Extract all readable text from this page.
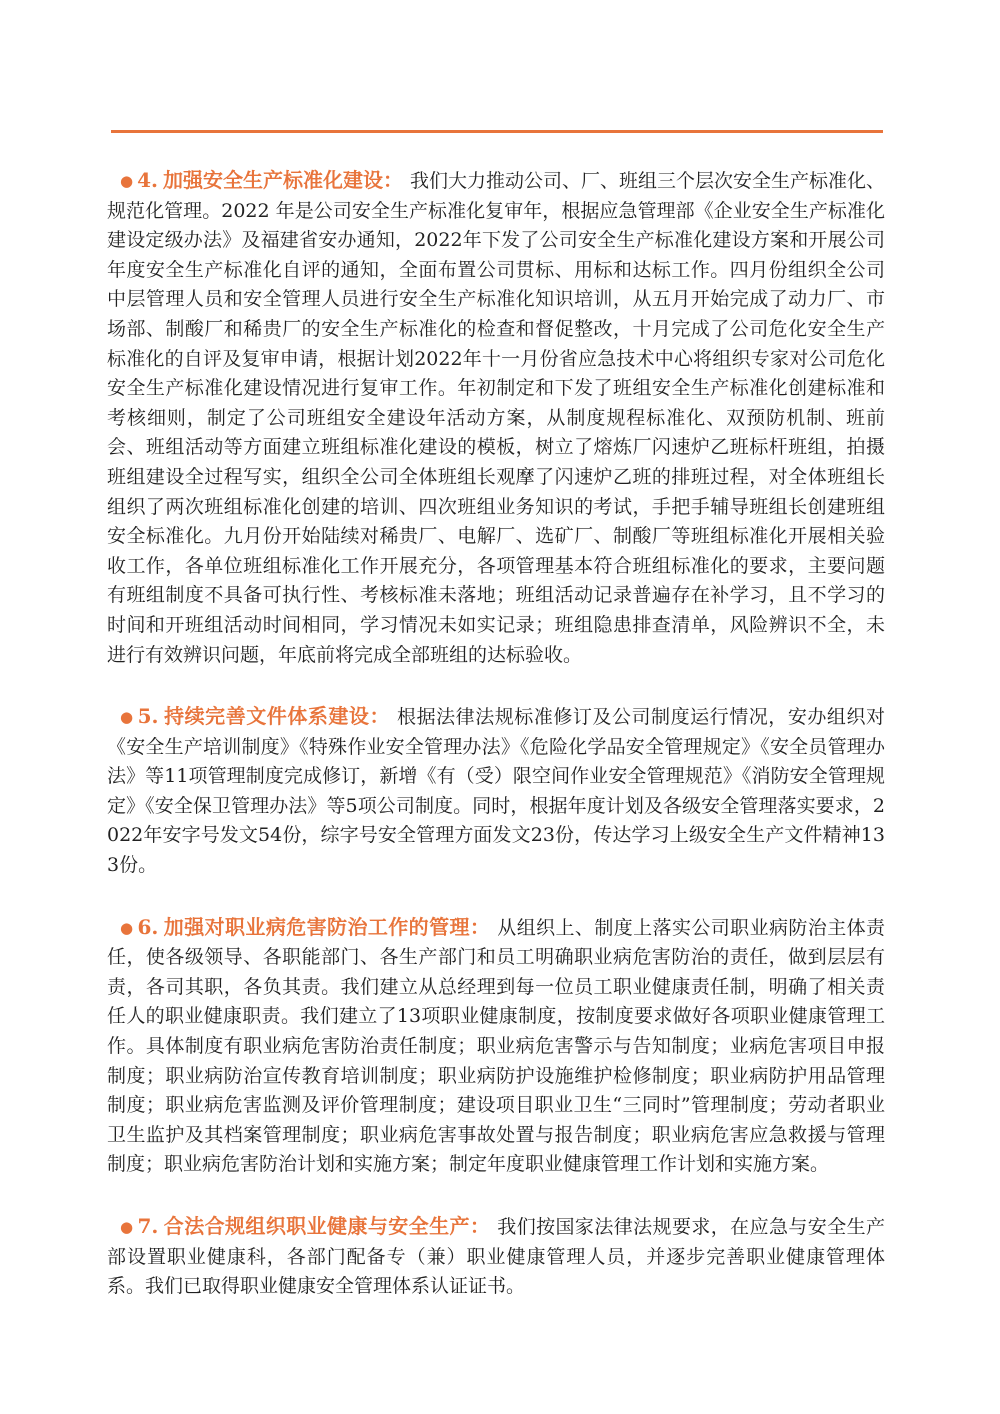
● 4. 加强安全生产标准化建设： 我们大力推动公司、厂、班组三个层次安全生产标准化、规范化管理。2022 年是公司安全生产标准化复审年，根据应急管理部《企业安全生产标准化建设定级办法》及福建省安办通知，2022年下发了公司安全生产标准化建设方案和开展公司年度安全生产标准化自评的通知，全面布置公司贯标、用标和达标工作。四月份组织全公司中层管理人员和安全管理人员进行安全生产标准化知识培训，从五月开始完成了动力厂、市场部、制酸厂和稀贵厂的安全生产标准化的检查和督促整改，十月完成了公司危化安全生产标准化的自评及复审申请，根据计划2022年十一月份省应急技术中心将组织专家对公司危化安全生产标准化建设情况进行复审工作。年初制定和下发了班组安全生产标准化创建标准和考核细则，制定了公司班组安全建设年活动方案，从制度规程标准化、双预防机制、班前会、班组活动等方面建立班组标准化建设的模板，树立了熔炼厂闪速炉乙班标杆班组，拍摄班组建设全过程写实，组织全公司全体班组长观摩了闪速炉乙班的排班过程，对全体班组长组织了两次班组标准化创建的培训、四次班组业务知识的考试，手把手辅导班组长创建班组安全标准化。九月份开始陆续对稀贵厂、电解厂、选矿厂、制酸厂等班组标准化开展相关验收工作，各单位班组标准化工作开展充分，各项管理基本符合班组标准化的要求，主要问题有班组制度不具备可执行性、考核标准未落地；班组活动记录普遍存在补学习，且不学习的时间和开班组活动时间相同，学习情况未如实记录；班组隐患排查清单，风险辨识不全，未进行有效辨识问题，年底前将完成全部班组的达标验收。

● 5. 持续完善文件体系建设： 根据法律法规标准修订及公司制度运行情况，安办组织对《安全生产培训制度》《特殊作业安全管理办法》《危险化学品安全管理规定》《安全员管理办法》等11项管理制度完成修订，新增《有（受）限空间作业安全管理规范》《消防安全管理规定》《安全保卫管理办法》等5项公司制度。同时，根据年度计划及各级安全管理落实要求，2022年安字号发文54份，综字号安全管理方面发文23份，传达学习上级安全生产文件精神133份。

● 6. 加强对职业病危害防治工作的管理： 从组织上、制度上落实公司职业病防治主体责任，使各级领导、各职能部门、各生产部门和员工明确职业病危害防治的责任，做到层层有责，各司其职，各负其责。我们建立从总经理到每一位员工职业健康责任制，明确了相关责任人的职业健康职责。我们建立了13项职业健康制度，按制度要求做好各项职业健康管理工作。具体制度有职业病危害防治责任制度；职业病危害警示与告知制度；业病危害项目申报制度；职业病防治宣传教育培训制度；职业病防护设施维护检修制度；职业病防护用品管理制度；职业病危害监测及评价管理制度；建设项目职业卫生“三同时”管理制度；劳动者职业卫生监护及其档案管理制度；职业病危害事故处置与报告制度；职业病危害应急救援与管理制度；职业病危害防治计划和实施方案；制定年度职业健康管理工作计划和实施方案。

● 7. 合法合规组织职业健康与安全生产： 我们按国家法律法规要求，在应急与安全生产部设置职业健康科，各部门配备专（兼）职业健康管理人员，并逐步完善职业健康管理体系。我们已取得职业健康安全管理体系认证证书。
